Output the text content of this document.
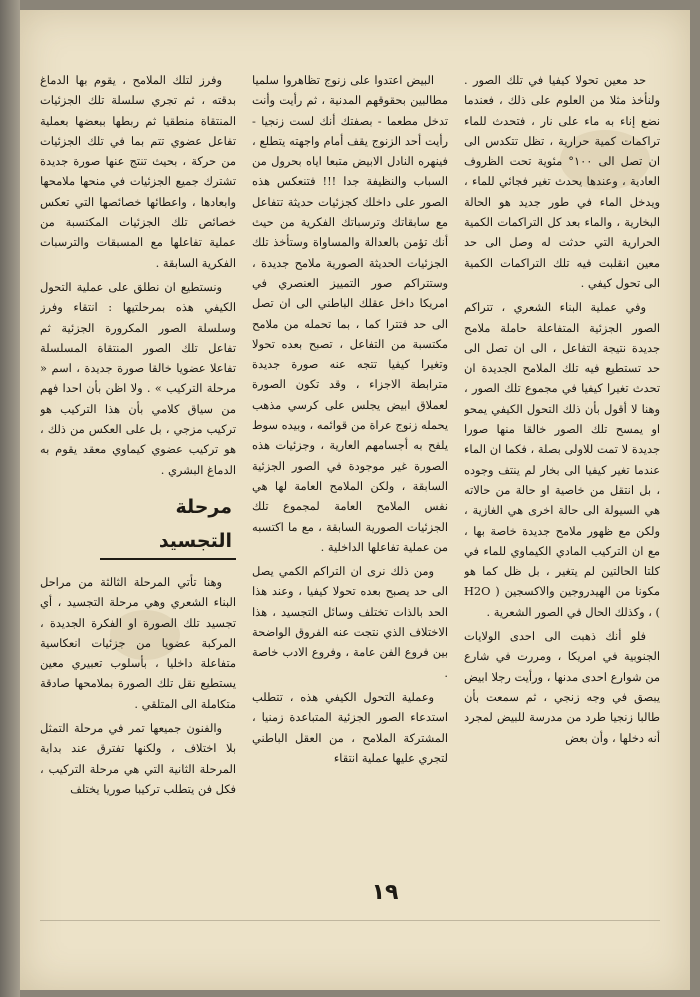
حد معين تحولا كيفيا في تلك الصور . ولنأخذ مثلا من العلوم على ذلك ، فعندما نضع إناء به ماء على نار ، فتحدث للماء تراكمات كمية حرارية ، تظل تتكدس الى ان تصل الى ١٠٠° مئوية تحت الظروف العادية ، وعندها يحدث تغير فجائي للماء ، ويدخل الماء في طور جديد هو الحالة البخارية ، والماء بعد كل التراكمات الكمية الحرارية التي حدثت له وصل الى حد معين انقلبت فيه تلك التراكمات الكمية الى تحول كيفي .

وفي عملية البناء الشعري ، تتراكم الصور الجزئية المتفاعلة حاملة ملامح جديدة نتيجة التفاعل ، الى ان تصل الى حد تستطيع فيه تلك الملامح الجديدة ان تحدث تغيرا كيفيا في مجموع تلك الصور ، وهنا لا أقول بأن ذلك التحول الكيفي يمحو او يمسح تلك الصور خالقا منها صورا جديدة لا تمت للاولى بصلة ، فكما ان الماء عندما تغير كيفيا الى بخار لم ينتف وجوده ، بل انتقل من خاصية او حالة من حالاته هي السيولة الى حالة اخرى هي الغازية ، ولكن مع ظهور ملامح جديدة خاصة بها ، مع ان التركيب المادي الكيماوي للماء في كلتا الحالتين لم يتغير ، بل ظل كما هو مكونا من الهيدروجين والاكسجين ( H2O ) ، وكذلك الحال في الصور الشعرية .

فلو أنك ذهبت الى احدى الولايات الجنوبية في امريكا ، ومررت في شارع من شوارع احدى مدنها ، ورأيت رجلا ابيض يبصق في وجه زنجي ، ثم سمعت بأن طالبا زنجيا طرد من مدرسة للبيض لمجرد أنه دخلها ، وأن بعض

البيض اعتدوا على زنوج تظاهروا سلميا مطالبين بحقوقهم المدنية ، ثم رأيت وأنت تدخل مطعما - بصفتك أنك لست زنجيا - رأيت أحد الزنوج يقف أمام واجهته يتطلع ، فينهره النادل الابيض متبعا اياه بحرول من السباب والنظيفة جدا !!! فتنعكس هذه الصور على داخلك كجزئيات حديثة تتفاعل مع سابقاتك وترسباتك الفكرية من حيث أنك تؤمن بالعدالة والمساواة وستأخذ تلك الجزئيات الحديثة الصورية ملامح جديدة ، وستتراكم صور التمييز العنصري في امريكا داخل عقلك الباطني الى ان تصل الى حد فتترا كما ، بما تحمله من ملامح مكتسبة من التفاعل ، تصبح بعده تحولا وتغيرا كيفيا تتجه عنه صورة جديدة مترابطة الاجزاء ، وقد تكون الصورة لعملاق ابيض يجلس على كرسي مذهب يحمله زنوج عراة من قوائمه ، وبيده سوط يلفح به أجسامهم العارية ، وجزئيات هذه الصورة غير موجودة في الصور الجزئية السابقة ، ولكن الملامح العامة لها هي نفس الملامح العامة لمجموع تلك الجزئيات الصورية السابقة ، مع ما اكتسبه من عملية تفاعلها الداخلية .

ومن ذلك نرى ان التراكم الكمي يصل الى حد يصبح بعده تحولا كيفيا ، وعند هذا الحد بالذات تختلف وسائل التجسيد ، هذا الاختلاف الذي نتجت عنه الفروق الواضحة بين فروع الفن عامة ، وفروع الادب خاصة .

وعملية التحول الكيفي هذه ، تتطلب استدعاء الصور الجزئية المتباعدة زمنيا ، المشتركة الملامح ، من العقل الباطني لتجري عليها عملية انتقاء

وفرز لتلك الملامح ، يقوم بها الدماغ بدقته ، ثم تجري سلسلة تلك الجزئيات المنتقاة منطقيا ثم ربطها ببعضها بعملية تفاعل عضوي تتم بما في تلك الجزئيات من حركة ، بحيث تنتج عنها صورة جديدة تشترك جميع الجزئيات في منحها ملامحها وابعادها ، واعطائها خصائصها التي تعكس خصائص تلك الجزئيات المكتسبة من عملية تفاعلها مع المسبقات والترسبات الفكرية السابقة .

ونستطيع ان نطلق على عملية التحول الكيفي هذه بمرحلتيها : انتقاء وفرز وسلسلة الصور المكرورة الجزئية ثم تفاعل تلك الصور المنتقاة المسلسلة تفاعلا عضويا خالقا صورة جديدة ، اسم « مرحلة التركيب » . ولا اظن بأن احدا فهم من سياق كلامي بأن هذا التركيب هو تركيب مزجي ، بل على العكس من ذلك ، هو تركيب عضوي كيماوي معقد يقوم به الدماغ البشري .

مرحلة التجسيد

وهنا تأتي المرحلة الثالثة من مراحل البناء الشعري وهي مرحلة التجسيد ، أي تجسيد تلك الصورة او الفكرة الجديدة ، المركبة عضويا من جزئيات انعكاسية متفاعلة داخليا ، بأسلوب تعبيري معين يستطيع نقل تلك الصورة بملامحها صادقة متكاملة الى المتلقي .

والفنون جميعها تمر في مرحلة التمثل بلا اختلاف ، ولكنها تفترق عند بداية المرحلة الثانية التي هي مرحلة التركيب ، فكل فن يتطلب تركيبا صوريا يختلف

١٩
